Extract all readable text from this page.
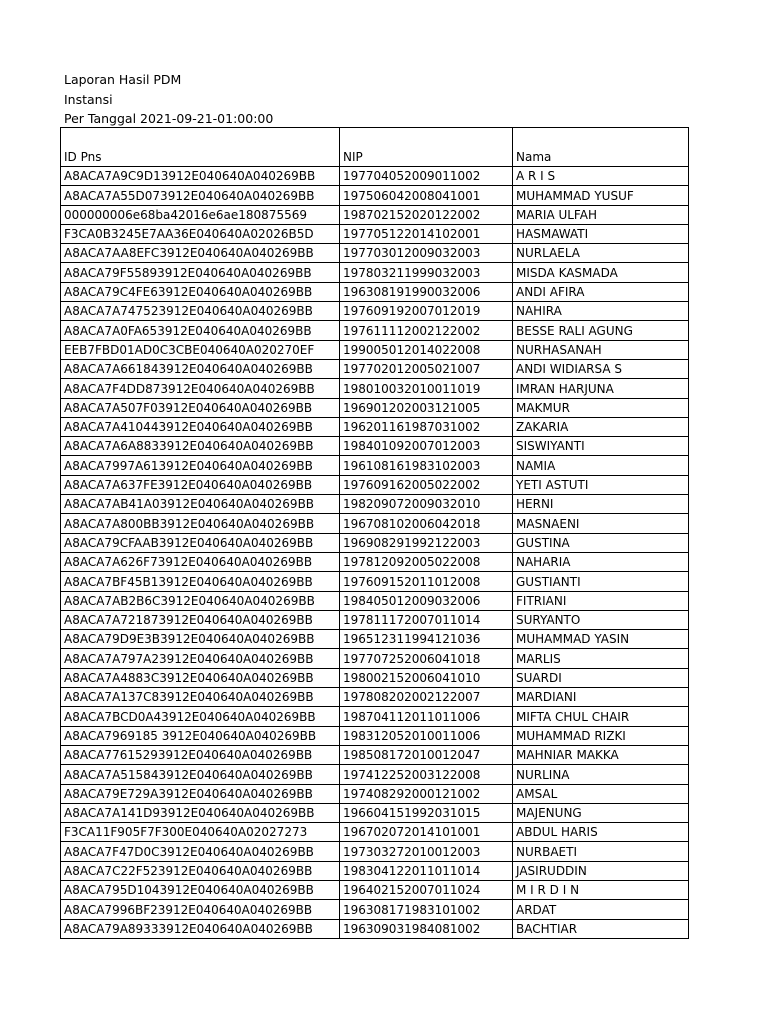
Laporan Hasil PDM
Instansi
Per Tanggal 2021-09-21-01:00:00
ID Pns	NIP	Nama
A8ACA7A9C9D13912E040640A040269BB	197704052009011002	A R I S
A8ACA7A55D073912E040640A040269BB	197506042008041001	MUHAMMAD YUSUF
000000006e68ba42016e6ae180875569	198702152020122002	MARIA ULFAH
F3CA0B3245E7AA36E040640A02026B5D	197705122014102001	HASMAWATI
A8ACA7AA8EFC3912E040640A040269BB	197703012009032003	NURLAELA
A8ACA79F55893912E040640A040269BB	197803211999032003	MISDA KASMADA
A8ACA79C4FE63912E040640A040269BB	196308191990032006	ANDI AFIRA
A8ACA7A747523912E040640A040269BB	197609192007012019	NAHIRA
A8ACA7A0FA653912E040640A040269BB	197611112002122002	BESSE RALI AGUNG
EEB7FBD01AD0C3CBE040640A020270EF	199005012014022008	NURHASANAH
A8ACA7A661843912E040640A040269BB	197702012005021007	ANDI WIDIARSA S
A8ACA7F4DD873912E040640A040269BB	198010032010011019	IMRAN HARJUNA
A8ACA7A507F03912E040640A040269BB	196901202003121005	MAKMUR
A8ACA7A410443912E040640A040269BB	196201161987031002	ZAKARIA
A8ACA7A6A8833912E040640A040269BB	198401092007012003	SISWIYANTI
A8ACA7997A613912E040640A040269BB	196108161983102003	NAMIA
A8ACA7A637FE3912E040640A040269BB	197609162005022002	YETI ASTUTI
A8ACA7AB41A03912E040640A040269BB	198209072009032010	HERNI
A8ACA7A800BB3912E040640A040269BB	196708102006042018	MASNAENI
A8ACA79CFAAB3912E040640A040269BB	196908291992122003	GUSTINA
A8ACA7A626F73912E040640A040269BB	197812092005022008	NAHARIA
A8ACA7BF45B13912E040640A040269BB	197609152011012008	GUSTIANTI
A8ACA7AB2B6C3912E040640A040269BB	198405012009032006	FITRIANI
A8ACA7A721873912E040640A040269BB	197811172007011014	SURYANTO
A8ACA79D9E3B3912E040640A040269BB	196512311994121036	MUHAMMAD YASIN
A8ACA7A797A23912E040640A040269BB	197707252006041018	MARLIS
A8ACA7A4883C3912E040640A040269BB	198002152006041010	SUARDI
A8ACA7A137C83912E040640A040269BB	197808202002122007	MARDIANI
A8ACA7BCD0A43912E040640A040269BB	198704112011011006	MIFTA CHUL CHAIR
A8ACA7969185 3912E040640A040269BB	198312052010011006	MUHAMMAD RIZKI
A8ACA77615293912E040640A040269BB	198508172010012047	MAHNIAR MAKKA
A8ACA7A515843912E040640A040269BB	197412252003122008	NURLINA
A8ACA79E729A3912E040640A040269BB	197408292000121002	AMSAL
A8ACA7A141D93912E040640A040269BB	196604151992031015	MAJENUNG
F3CA11F905F7F300E040640A02027273	196702072014101001	ABDUL HARIS
A8ACA7F47D0C3912E040640A040269BB	197303272010012003	NURBAETI
A8ACA7C22F523912E040640A040269BB	198304122011011014	JASIRUDDIN
A8ACA795D1043912E040640A040269BB	196402152007011024	M I R D I N
A8ACA7996BF23912E040640A040269BB	196308171983101002	ARDAT
A8ACA79A89333912E040640A040269BB	196309031984081002	BACHTIAR
